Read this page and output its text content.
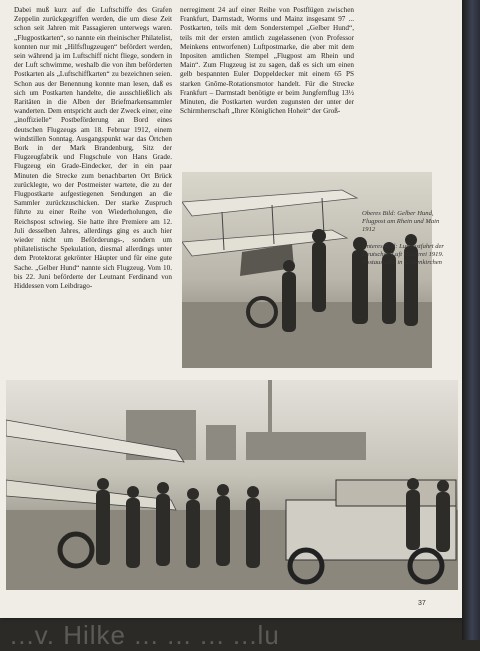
Dabei muß kurz auf die Luftschiffe des Grafen Zeppelin zurückgegriffen werden, die um diese Zeit schon seit Jahren mit Passagieren unterwegs waren. „Flugpostkarten“, so nannte ein rheinischer Philatelist, konnten nur mit „Hilfsflugzeugen“ befördert werden, sein während ja im Luftschiff nicht fliege, sondern in der Luft schwimme, weshalb die von ihm beförderten Postkarten als „Luftschiffkarten“ zu bezeichnen seien. Schon aus der Benennung konnte man lesen, daß es sich um Postkarten handelte, die ausschließlich als Raritäten in die Alben der Briefmarkensammler wanderten. Dem entspricht auch der Zweck einer, eine „inoffizielle“ Postbeförderung an Bord eines deutschen Flugzeugs am 18. Februar 1912, einem windstillen Sonntag. Ausgangspunkt war das Örtchen Bork in der Mark Brandenburg, Sitz der Flugzeugfabrik und Flugschule von Hans Grade. Flugzeug ein Grade-Eindecker, der in ein paar Minuten die Strecke zum benachbarten Ort Brück zurücklegte, wo der Postmeister wartete, die zu der Flugpostkarte aufgestiegenen Sendungen an die Sammler zurückzuschicken. Der starke Zuspruch führte zu einer Reihe von Wiederholungen, die Reichspost schwieg. Sie hatte ihre Premiere am 12. Juli desselben Jahres, allerdings ging es auch hier wieder nicht um Beförderungs-, sondern um philatelistische Spekulation, diesmal allerdings unter dem Protektorat gekrönter Häupter und für eine gute Sache. „Gelber Hund“ nannte sich Flugzeug. Vom 10. bis 22. Juni beförderte der Leutnant Ferdinand von Hiddessen vom Leibdrago-
nerregiment 24 auf einer Reihe von Postflügen zwischen Frankfurt, Darmstadt, Worms und Mainz insgesamt 97 ... Postkarten, teils mit dem Sonderstempel „Gelber Hund“, teils mit der ersten amtlich zugelassenen (von Professor Meinkens entworfenen) Luftpostmarke, die aber mit dem Inpositen amtlichen Stempel „Flugpost am Rhein und Main“. Zum Flugzeug ist zu sagen, daß es sich um einen gelb bespannten Euler Doppeldecker mit einem 65 PS starken Gnôme-Rotationsmotor handelt. Für die Strecke Frankfurt – Darmstadt benötigte er beim Jungfernflug 13½ Minuten, die Postkarten wurden zugunsten der unter der Schirmherrschaft „Ihrer Königlichen Hoheit“ der Groß-

Oberes Bild: Gelber Hund, Flugpost am Rhein und Main 1912

Unteres Bild: Luftpostfahrt der Deutschen Luft Reederei 1919. Postauswahl in Gelsenkirchen

37
...v. Hilke ... ... ... ...lu
